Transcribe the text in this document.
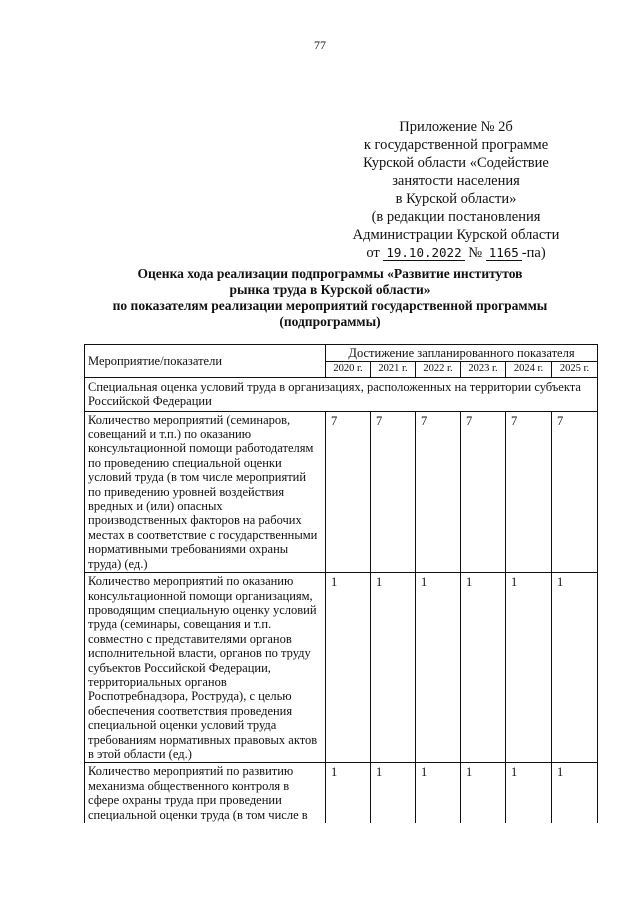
77
Приложение № 2б
к государственной программе
Курской области «Содействие
занятости населения
в Курской области»
(в редакции постановления
Администрации Курской области
от 19.10.2022 № 1165 -па)
Оценка хода реализации подпрограммы «Развитие институтов
рынка труда в Курской области»
по показателям реализации мероприятий государственной программы
(подпрограммы)
Мероприятие/показатели	Достижение запланированного показателя					
	2020 г.	2021 г.	2022 г.	2023 г.	2024 г.	2025 г.
Специальная оценка условий труда в организациях, расположенных на территории субъекта Российской Федерации						
Количество мероприятий (семинаров, совещаний и т.п.) по оказанию консультационной помощи работодателям по проведению специальной оценки условий труда (в том числе мероприятий по приведению уровней воздействия вредных и (или) опасных производственных факторов на рабочих местах в соответствие с государственными нормативными требованиями охраны труда) (ед.)	7	7	7	7	7	7
Количество мероприятий по оказанию консультационной помощи организациям, проводящим специальную оценку условий труда (семинары, совещания и т.п. совместно с представителями органов исполнительной власти, органов по труду субъектов Российской Федерации, территориальных органов Роспотребнадзора, Роструда), с целью обеспечения соответствия проведения специальной оценки условий труда требованиям нормативных правовых актов в этой области (ед.)	1	1	1	1	1	1
Количество мероприятий по развитию механизма общественного контроля в сфере охраны труда при проведении специальной оценки труда (в том числе в	1	1	1	1	1	1
